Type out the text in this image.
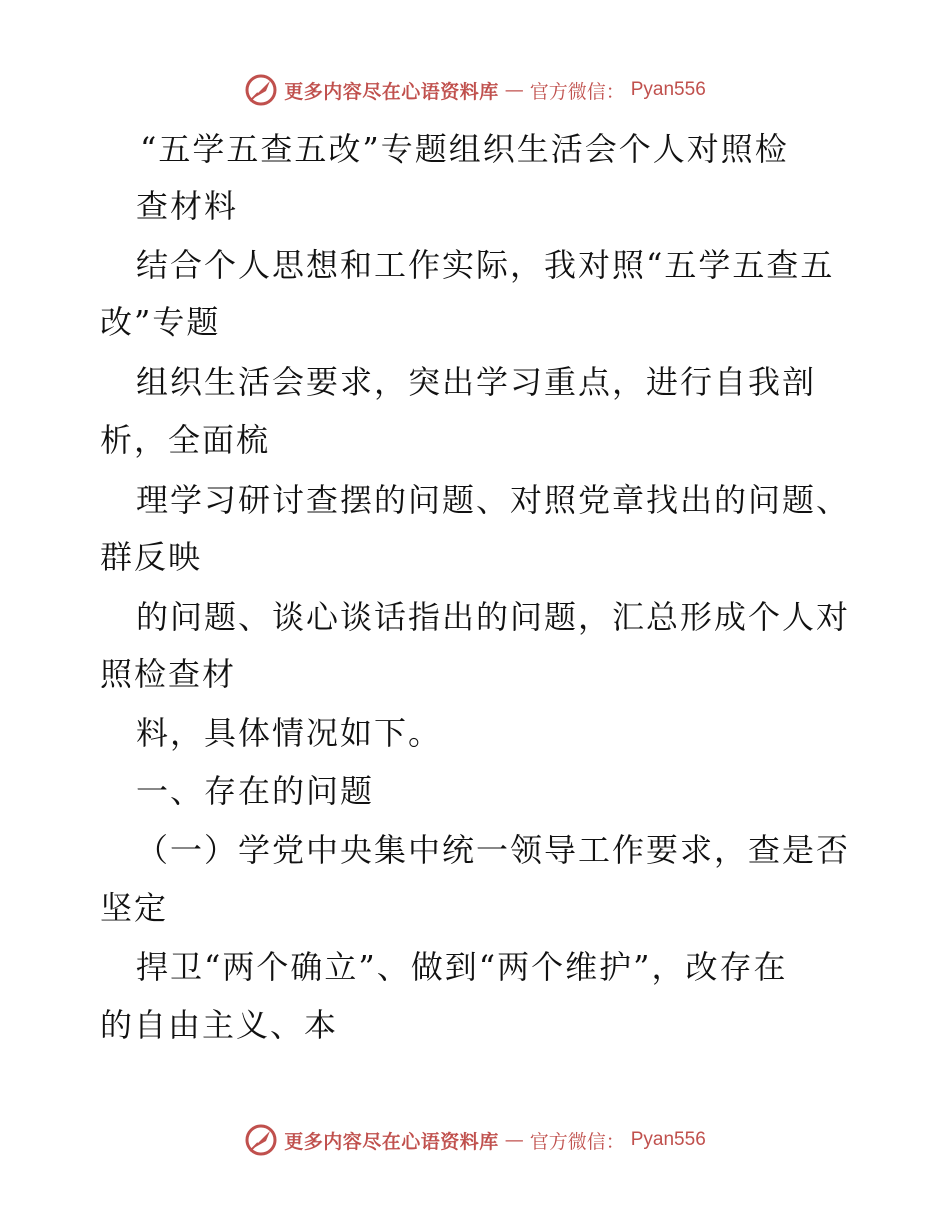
更多内容尽在心语资料库 — 官方微信： Pyan556
“五学五查五改”专题组织生活会个人对照检
查材料
结合个人思想和工作实际，我对照“五学五查五
改”专题
组织生活会要求，突出学习重点，进行自我剖
析，全面梳
理学习研讨查摆的问题、对照党章找出的问题、
群反映
的问题、谈心谈话指出的问题，汇总形成个人对
照检查材
料，具体情况如下。
一、存在的问题
（一）学党中央集中统一领导工作要求，查是否
坚定
捍卫“两个确立”、做到“两个维护”，改存在
的自由主义、本
更多内容尽在心语资料库 — 官方微信： Pyan556
